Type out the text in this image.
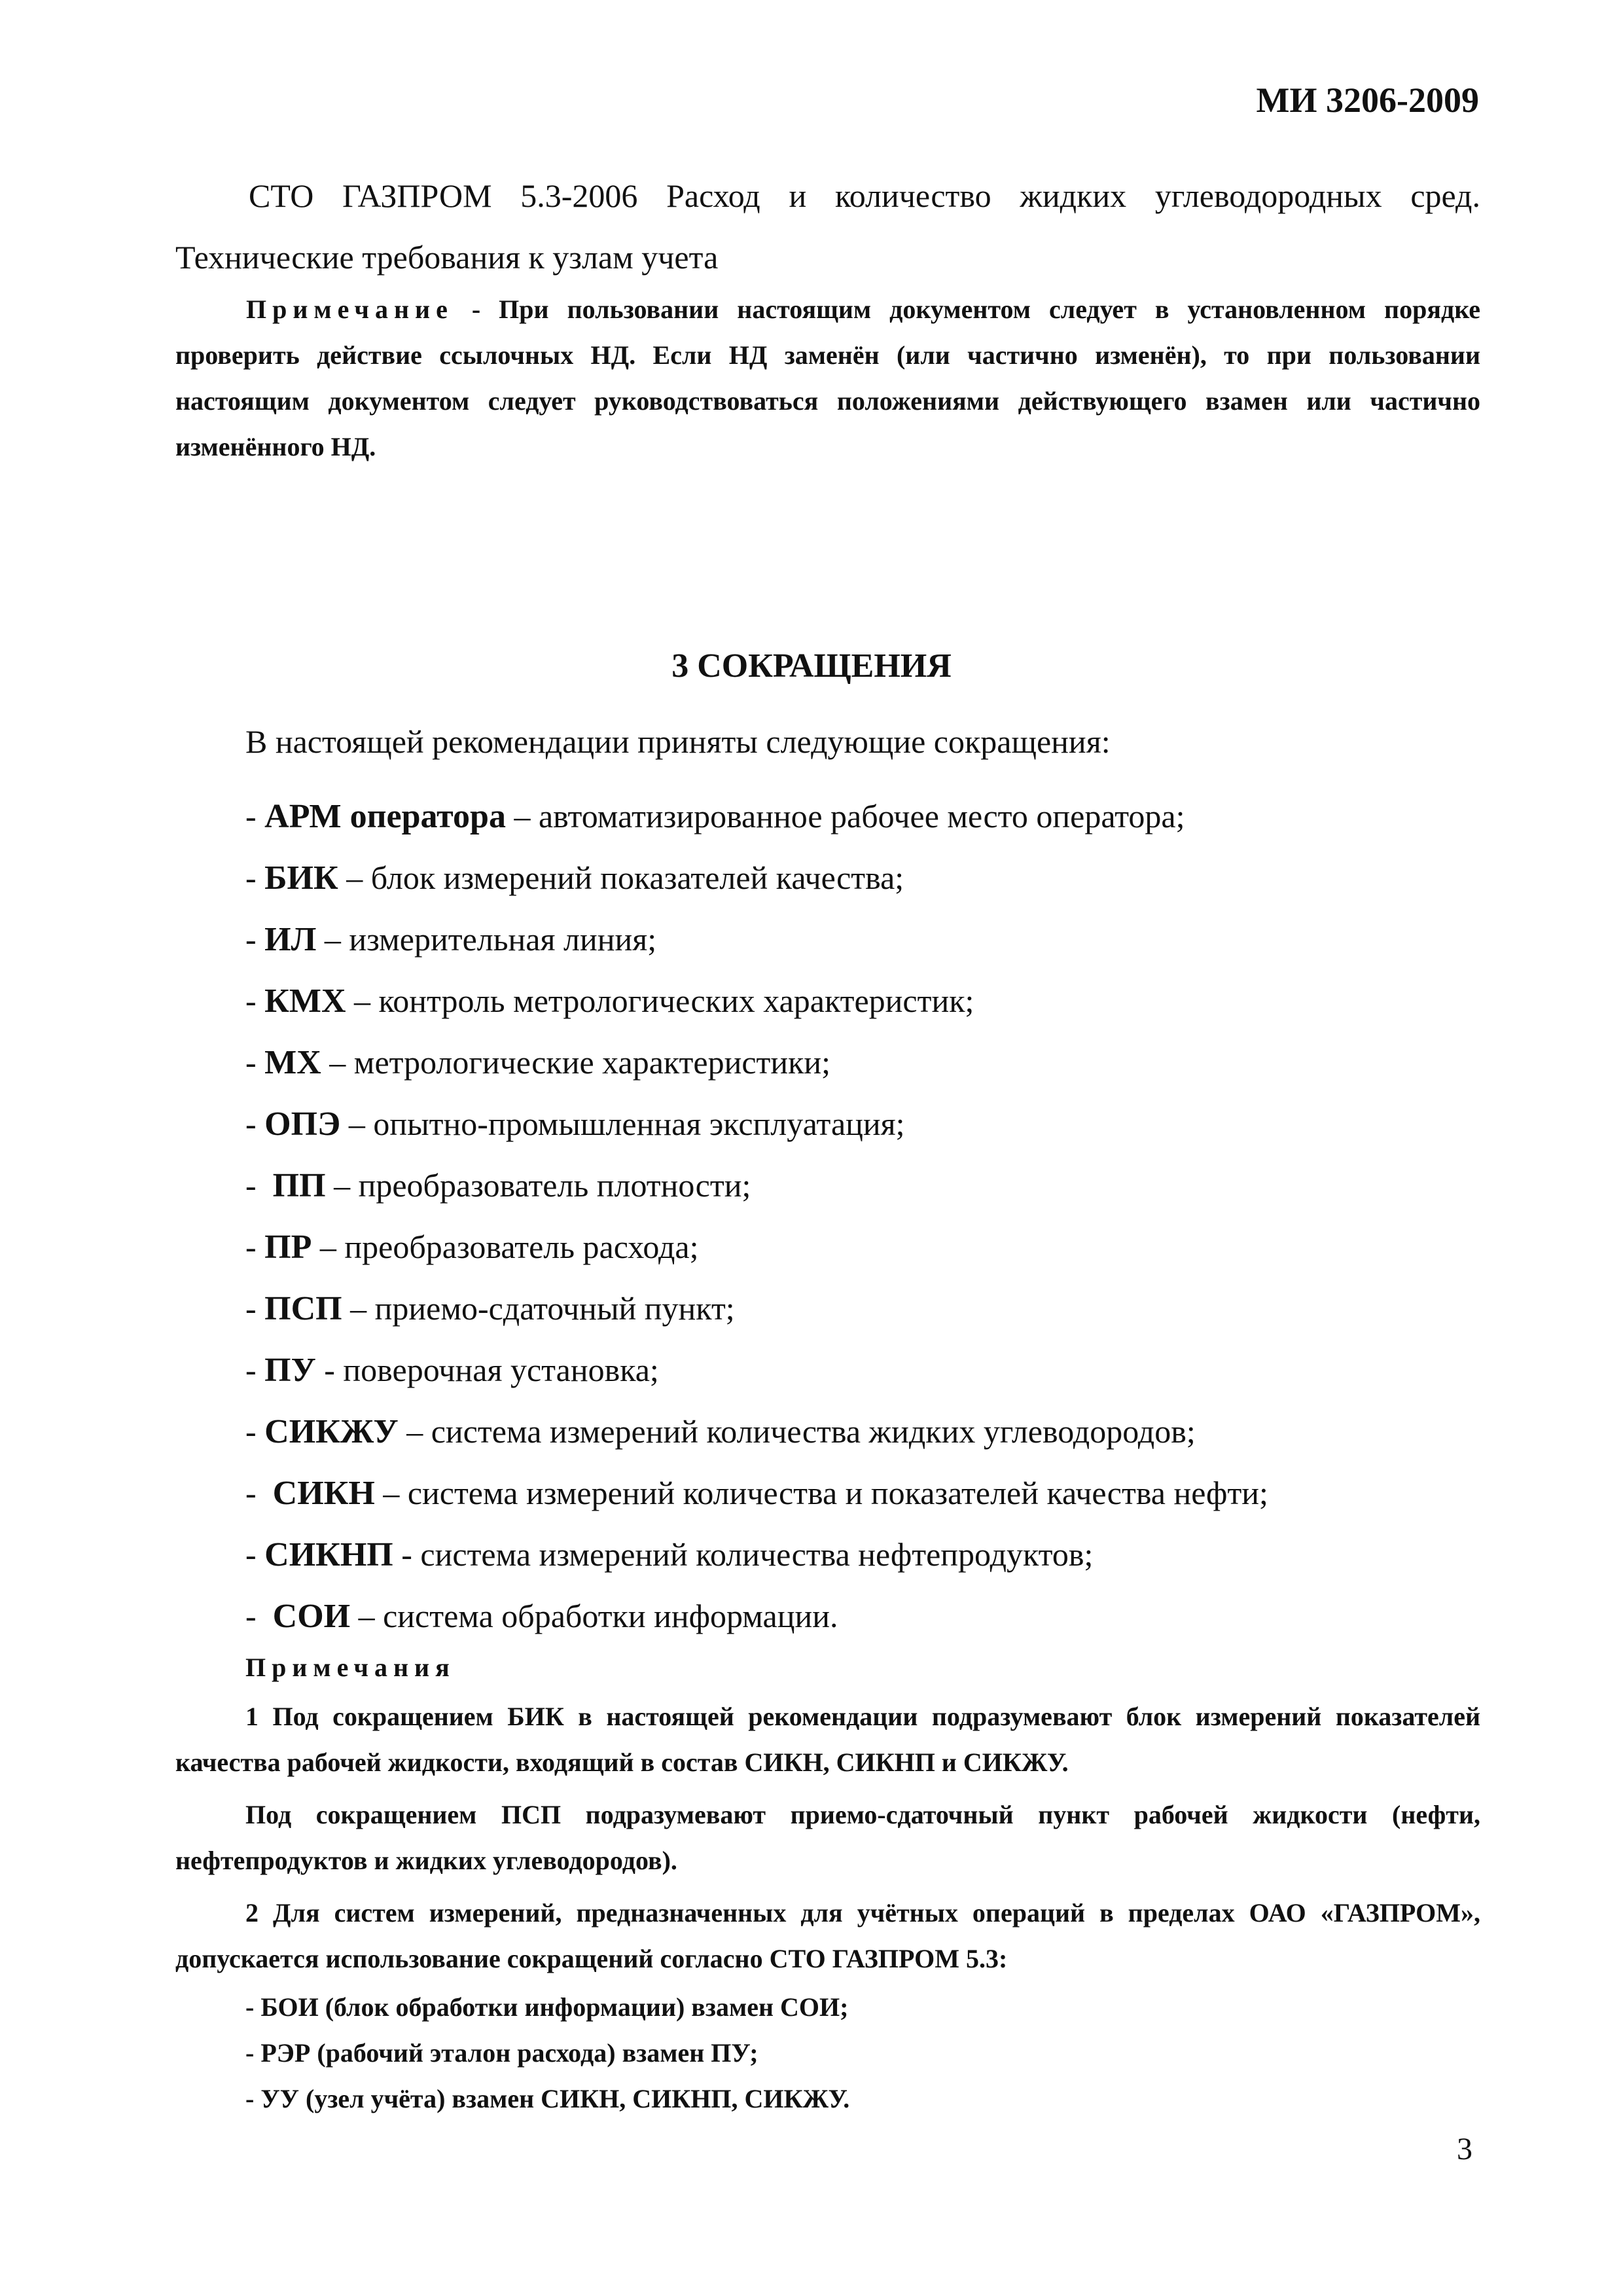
МИ 3206-2009
СТО ГАЗПРОМ 5.3-2006 Расход и количество жидких углеводородных сред.
Технические требования к узлам учета
Примечание - При пользовании настоящим документом следует в установленном порядке проверить действие ссылочных НД. Если НД заменён (или частично изменён), то при пользовании настоящим документом следует руководствоваться положениями действующего взамен или частично изменённого НД.
3 СОКРАЩЕНИЯ
В настоящей рекомендации приняты следующие сокращения:
- АРМ оператора – автоматизированное рабочее место оператора;
- БИК – блок измерений показателей качества;
- ИЛ – измерительная линия;
- КМХ – контроль метрологических характеристик;
- МХ – метрологические характеристики;
- ОПЭ – опытно-промышленная эксплуатация;
-  ПП – преобразователь плотности;
- ПР – преобразователь расхода;
- ПСП – приемо-сдаточный пункт;
- ПУ - поверочная установка;
- СИКЖУ – система измерений количества жидких углеводородов;
-  СИКН – система измерений количества и показателей качества нефти;
- СИКНП - система измерений количества нефтепродуктов;
-  СОИ – система обработки информации.
Примечания

1 Под сокращением БИК в настоящей рекомендации подразумевают блок измерений показателей качества рабочей жидкости, входящий в состав СИКН, СИКНП и СИКЖУ.

Под сокращением ПСП подразумевают приемо-сдаточный пункт рабочей жидкости (нефти, нефтепродуктов и жидких углеводородов).

2 Для систем измерений, предназначенных для учётных операций в пределах ОАО «ГАЗПРОМ», допускается использование сокращений согласно СТО ГАЗПРОМ 5.3:

- БОИ (блок обработки информации) взамен СОИ;
- РЭР (рабочий эталон расхода) взамен ПУ;
- УУ (узел учёта) взамен СИКН, СИКНП, СИКЖУ.
3
